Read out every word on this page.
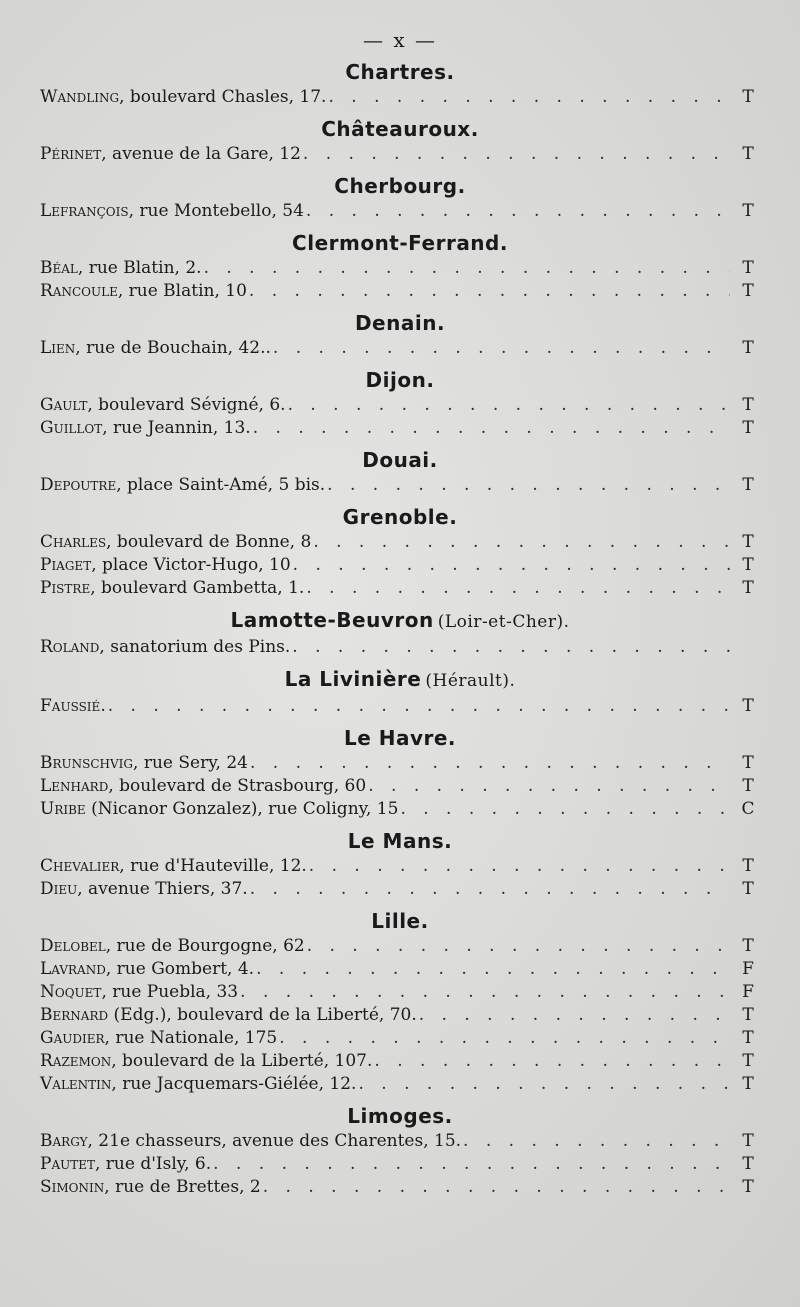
— x —
Chartres.
Wandling, boulevard Chasles, 17. . . .	T
Châteauroux.
Périnet, avenue de la Gare, 12 . . .	T
Cherbourg.
Lefrançois, rue Montebello, 54 . . .	T
Clermont-Ferrand.
Béal, rue Blatin, 2. . . .	T
Rancoule, rue Blatin, 10 . . .	T
Denain.
Lien, rue de Bouchain, 42.. . . .	T
Dijon.
Gault, boulevard Sévigné, 6. . . .	T
Guillot, rue Jeannin, 13. . . .	T
Douai.
Depoutre, place Saint-Amé, 5 bis. . . .	T
Grenoble.
Charles, boulevard de Bonne, 8 . . .	T
Piaget, place Victor-Hugo, 10 . . .	T
Pistre, boulevard Gambetta, 1. . . .	T
Lamotte-Beuvron (Loir-et-Cher).
Roland, sanatorium des Pins.
. . .
La Livinière (Hérault).
Faussié. . . .	T
Le Havre.
Brunschvig, rue Sery, 24 . . .	T
Lenhard, boulevard de Strasbourg, 60 . . .	T
Uribe (Nicanor Gonzalez), rue Coligny, 15 . . .	C
Le Mans.
Chevalier, rue d'Hauteville, 12. . . .	T
Dieu, avenue Thiers, 37. . . .	T
Lille.
Delobel, rue de Bourgogne, 62 . . .	T
Lavrand, rue Gombert, 4. . . .	F
Noquet, rue Puebla, 33 . . .	F
Bernard (Edg.), boulevard de la Liberté, 70. . . .	T
Gaudier, rue Nationale, 175 . . .	T
Razemon, boulevard de la Liberté, 107. . . .	T
Valentin, rue Jacquemars-Giélée, 12. . . .	T
Limoges.
Bargy, 21e chasseurs, avenue des Charentes, 15. . . .	T
Pautet, rue d'Isly, 6. . . .	T
Simonin, rue de Brettes, 2 . . .	T
